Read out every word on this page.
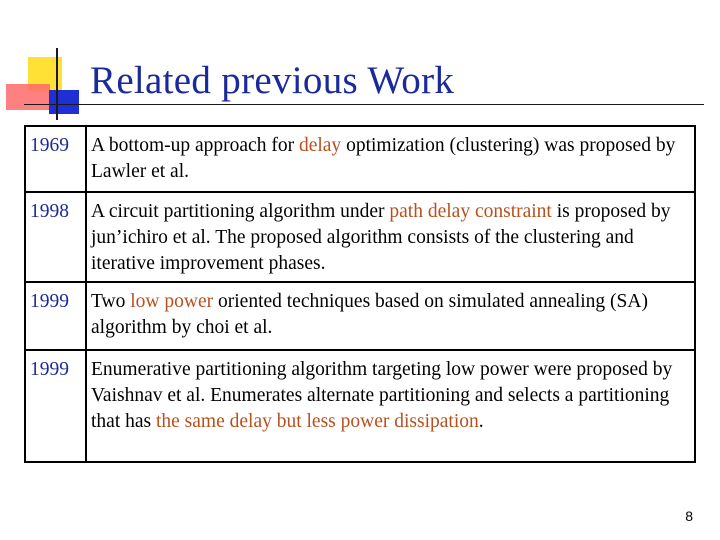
Related previous Work
1969	A bottom-up approach for delay optimization (clustering) was proposed by Lawler et al.
1998	A circuit partitioning algorithm under path delay constraint is proposed by jun’ichiro et al. The proposed algorithm consists of the clustering and iterative improvement phases.
1999	Two low power oriented techniques based on simulated annealing (SA) algorithm by choi et al.
1999	Enumerative partitioning algorithm targeting low power were proposed by Vaishnav et al. Enumerates alternate partitioning and selects a partitioning that has the same delay but less power dissipation.
8
